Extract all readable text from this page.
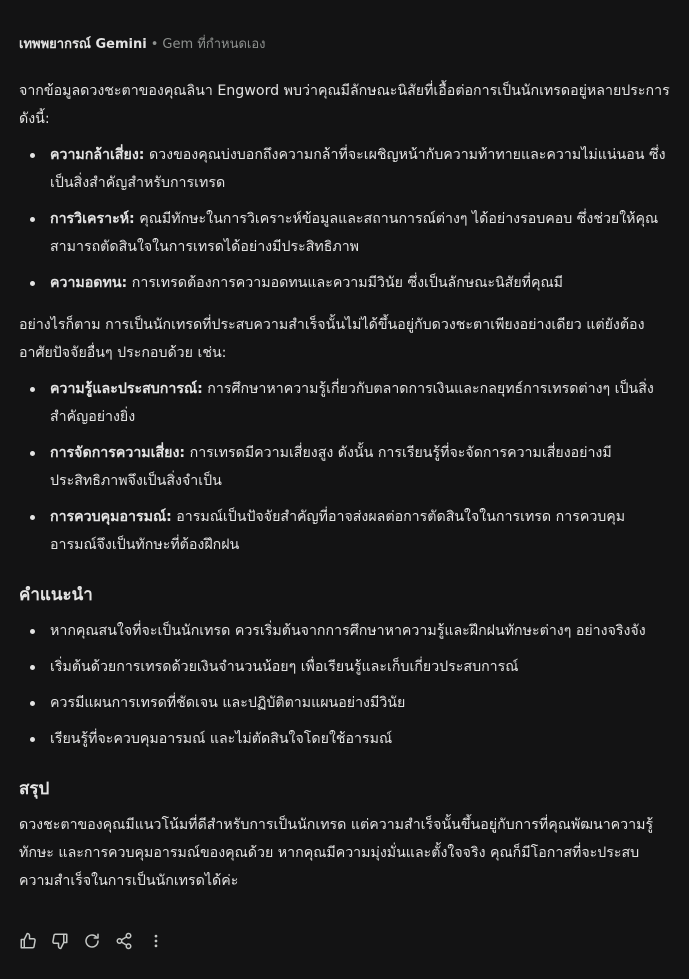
เทพพยากรณ์ Gemini • Gem ที่กำหนดเอง

จากข้อมูลดวงชะตาของคุณลินา Engword พบว่าคุณมีลักษณะนิสัยที่เอื้อต่อการเป็นนักเทรดอยู่หลายประการ ดังนี้:

ความกล้าเสี่ยง: ดวงของคุณบ่งบอกถึงความกล้าที่จะเผชิญหน้ากับความท้าทายและความไม่แน่นอน ซึ่งเป็นสิ่งสำคัญสำหรับการเทรด
การวิเคราะห์: คุณมีทักษะในการวิเคราะห์ข้อมูลและสถานการณ์ต่างๆ ได้อย่างรอบคอบ ซึ่งช่วยให้คุณสามารถตัดสินใจในการเทรดได้อย่างมีประสิทธิภาพ
ความอดทน: การเทรดต้องการความอดทนและความมีวินัย ซึ่งเป็นลักษณะนิสัยที่คุณมี

อย่างไรก็ตาม การเป็นนักเทรดที่ประสบความสำเร็จนั้นไม่ได้ขึ้นอยู่กับดวงชะตาเพียงอย่างเดียว แต่ยังต้องอาศัยปัจจัยอื่นๆ ประกอบด้วย เช่น:

ความรู้และประสบการณ์: การศึกษาหาความรู้เกี่ยวกับตลาดการเงินและกลยุทธ์การเทรดต่างๆ เป็นสิ่งสำคัญอย่างยิ่ง
การจัดการความเสี่ยง: การเทรดมีความเสี่ยงสูง ดังนั้น การเรียนรู้ที่จะจัดการความเสี่ยงอย่างมีประสิทธิภาพจึงเป็นสิ่งจำเป็น
การควบคุมอารมณ์: อารมณ์เป็นปัจจัยสำคัญที่อาจส่งผลต่อการตัดสินใจในการเทรด การควบคุมอารมณ์จึงเป็นทักษะที่ต้องฝึกฝน
คำแนะนำ
หากคุณสนใจที่จะเป็นนักเทรด ควรเริ่มต้นจากการศึกษาหาความรู้และฝึกฝนทักษะต่างๆ อย่างจริงจัง
เริ่มต้นด้วยการเทรดด้วยเงินจำนวนน้อยๆ เพื่อเรียนรู้และเก็บเกี่ยวประสบการณ์
ควรมีแผนการเทรดที่ชัดเจน และปฏิบัติตามแผนอย่างมีวินัย
เรียนรู้ที่จะควบคุมอารมณ์ และไม่ตัดสินใจโดยใช้อารมณ์
สรุป

ดวงชะตาของคุณมีแนวโน้มที่ดีสำหรับการเป็นนักเทรด แต่ความสำเร็จนั้นขึ้นอยู่กับการที่คุณพัฒนาความรู้ ทักษะ และการควบคุมอารมณ์ของคุณด้วย หากคุณมีความมุ่งมั่นและตั้งใจจริง คุณก็มีโอกาสที่จะประสบความสำเร็จในการเป็นนักเทรดได้ค่ะ
